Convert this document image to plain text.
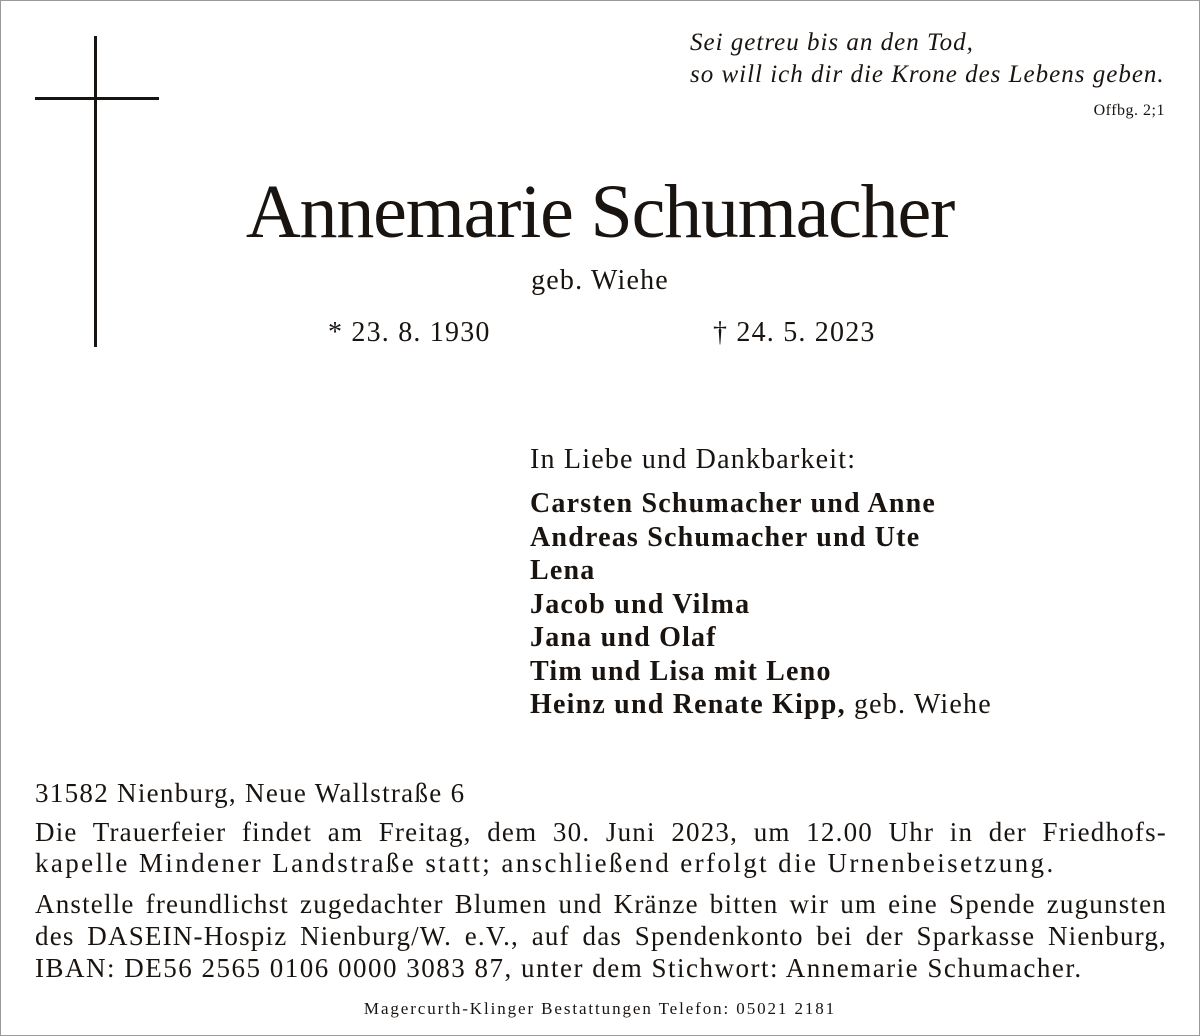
Sei getreu bis an den Tod,
so will ich dir die Krone des Lebens geben.
Offbg. 2;1
Annemarie Schumacher
geb. Wiehe
* 23. 8. 1930	† 24. 5. 2023
In Liebe und Dankbarkeit:
Carsten Schumacher und Anne
Andreas Schumacher und Ute
Lena
Jacob und Vilma
Jana und Olaf
Tim und Lisa mit Leno
Heinz und Renate Kipp, geb. Wiehe
31582 Nienburg, Neue Wallstraße 6
Die Trauerfeier findet am Freitag, dem 30. Juni 2023, um 12.00 Uhr in der Friedhofs-
kapelle Mindener Landstraße statt; anschließend erfolgt die Urnenbeisetzung.
Anstelle freundlichst zugedachter Blumen und Kränze bitten wir um eine Spende zugunsten
des DASEIN-Hospiz Nienburg/W. e.V., auf das Spendenkonto bei der Sparkasse Nienburg,
IBAN: DE56 2565 0106 0000 3083 87, unter dem Stichwort: Annemarie Schumacher.
Magercurth-Klinger Bestattungen Telefon: 05021 2181
